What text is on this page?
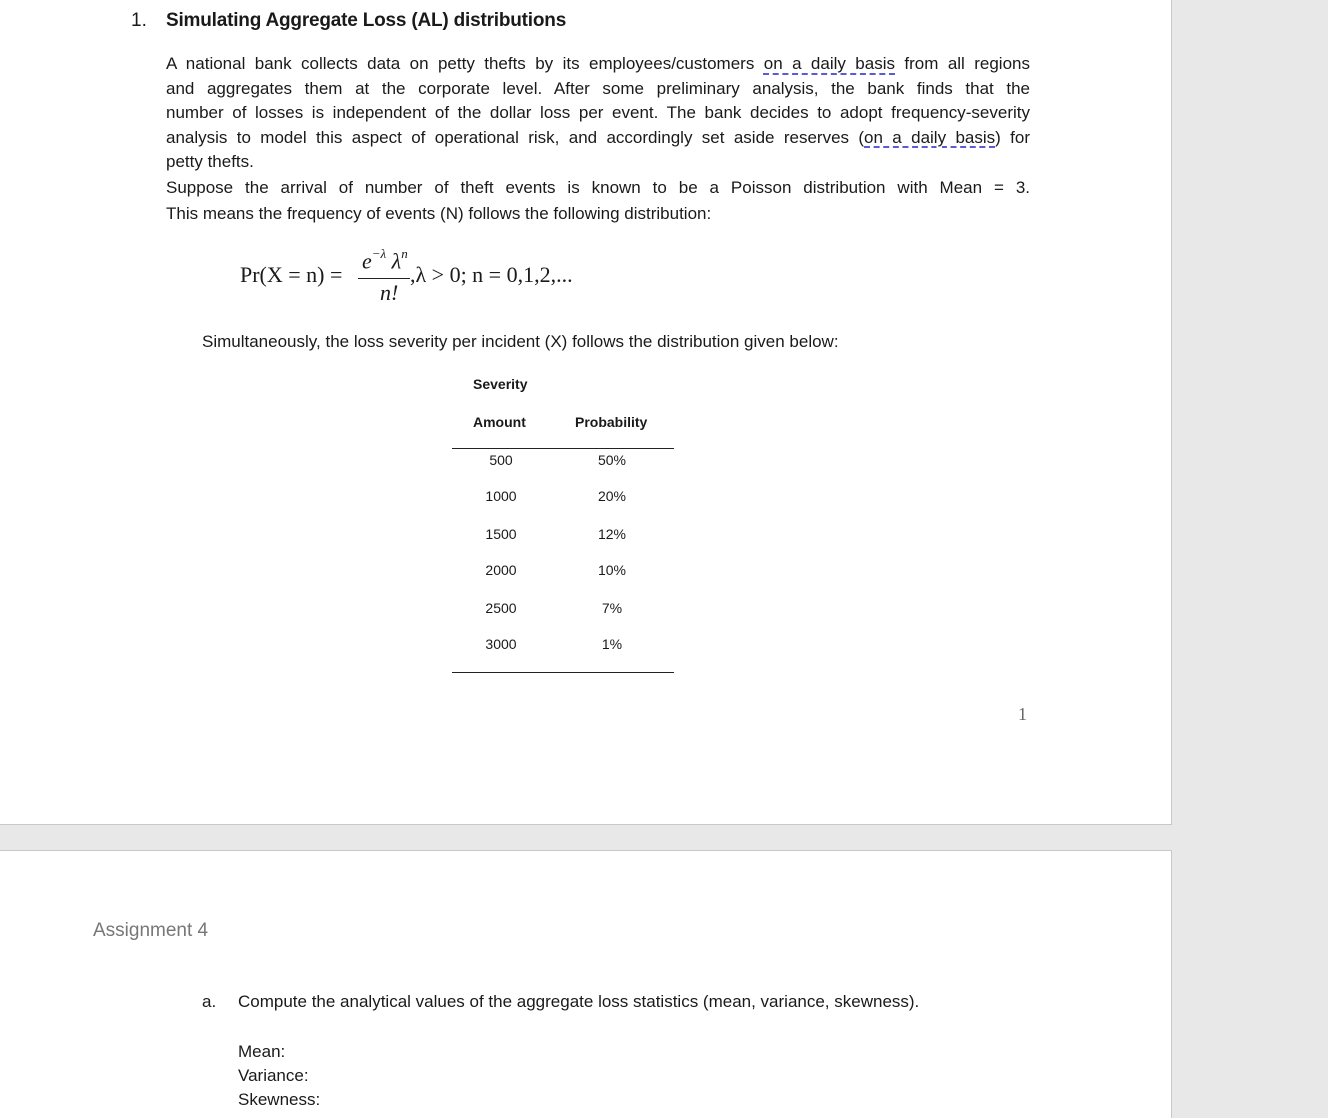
1. Simulating Aggregate Loss (AL) distributions
A national bank collects data on petty thefts by its employees/customers on a daily basis from all regions
and aggregates them at the corporate level. After some preliminary analysis, the bank finds that the
number of losses is independent of the dollar loss per event. The bank decides to adopt frequency-severity
analysis to model this aspect of operational risk, and accordingly set aside reserves (on a daily basis) for
petty thefts.
Suppose the arrival of number of theft events is known to be a Poisson distribution with Mean = 3.
This means the frequency of events (N) follows the following distribution:
Pr(X = n) =
$e^{-\lambda}$ $\lambda^n$
n!
,λ > 0; n = 0,1,2,...
Simultaneously, the loss severity per incident (X) follows the distribution given below:
Severity
Amount	Probability
500	50%
1000	20%
1500	12%
2000	10%
2500	7%
3000	1%
1
Assignment 4
a. Compute the analytical values of the aggregate loss statistics (mean, variance, skewness).
Mean:
Variance:
Skewness:
